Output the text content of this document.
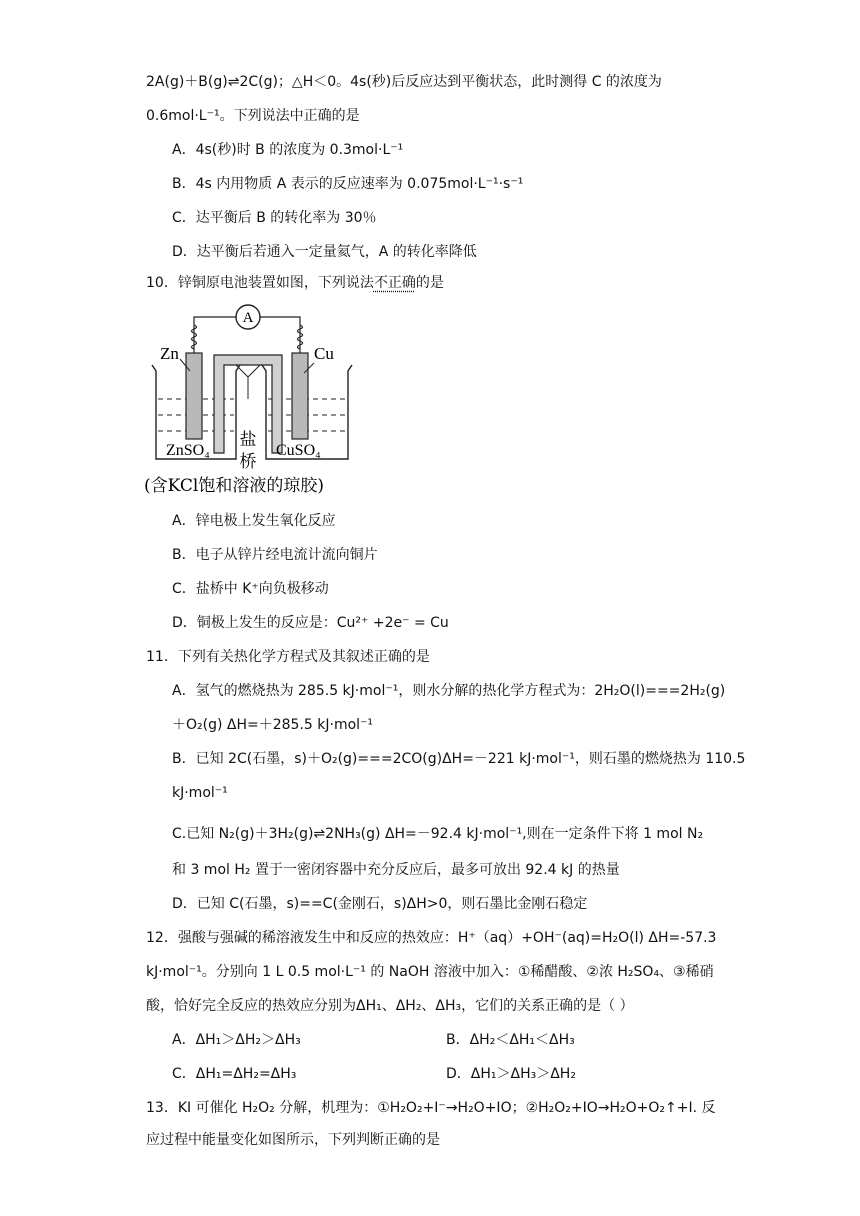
2A(g)＋B(g)⇌2C(g)；△H＜0。4s(秒)后反应达到平衡状态，此时测得 C 的浓度为
0.6mol·L⁻¹。下列说法中正确的是
A．4s(秒)时 B 的浓度为 0.3mol·L⁻¹
B．4s 内用物质 A 表示的反应速率为 0.075mol·L⁻¹·s⁻¹
C．达平衡后 B 的转化率为 30％
D．达平衡后若通入一定量氦气，A 的转化率降低
10．锌铜原电池装置如图，下列说法不正确的是
A
Zn	Cu
ZnSO₄	CuSO₄
盐
桥
(含KCl饱和溶液的琼胶)
A．锌电极上发生氧化反应
B．电子从锌片经电流计流向铜片
C．盐桥中 K⁺向负极移动
D．铜极上发生的反应是：Cu²⁺ +2e⁻ = Cu
11．下列有关热化学方程式及其叙述正确的是
A．氢气的燃烧热为 285.5 kJ·mol⁻¹，则水分解的热化学方程式为：2H₂O(l)===2H₂(g)
＋O₂(g) ΔH=＋285.5 kJ·mol⁻¹
B．已知 2C(石墨，s)＋O₂(g)===2CO(g)ΔH=－221 kJ·mol⁻¹，则石墨的燃烧热为 110.5
kJ·mol⁻¹
C.已知 N₂(g)＋3H₂(g)⇌2NH₃(g) ΔH=－92.4 kJ·mol⁻¹,则在一定条件下将 1 mol N₂
和 3 mol H₂ 置于一密闭容器中充分反应后，最多可放出 92.4 kJ 的热量
D．已知 C(石墨，s)==C(金刚石，s)ΔH>0，则石墨比金刚石稳定
12．强酸与强碱的稀溶液发生中和反应的热效应：H⁺（aq）+OH⁻(aq)=H₂O(l) ΔH=-57.3
kJ·mol⁻¹。分别向 1 L 0.5 mol·L⁻¹ 的 NaOH 溶液中加入：①稀醋酸、②浓 H₂SO₄、③稀硝
酸，恰好完全反应的热效应分别为ΔH₁、ΔH₂、ΔH₃，它们的关系正确的是（ ）
A．ΔH₁＞ΔH₂＞ΔH₃	B．ΔH₂＜ΔH₁＜ΔH₃
C．ΔH₁=ΔH₂=ΔH₃	D．ΔH₁＞ΔH₃＞ΔH₂
13．KI 可催化 H₂O₂ 分解，机理为：①H₂O₂+I⁻→H₂O+IO；②H₂O₂+IO→H₂O+O₂↑+I. 反
应过程中能量变化如图所示，下列判断正确的是
